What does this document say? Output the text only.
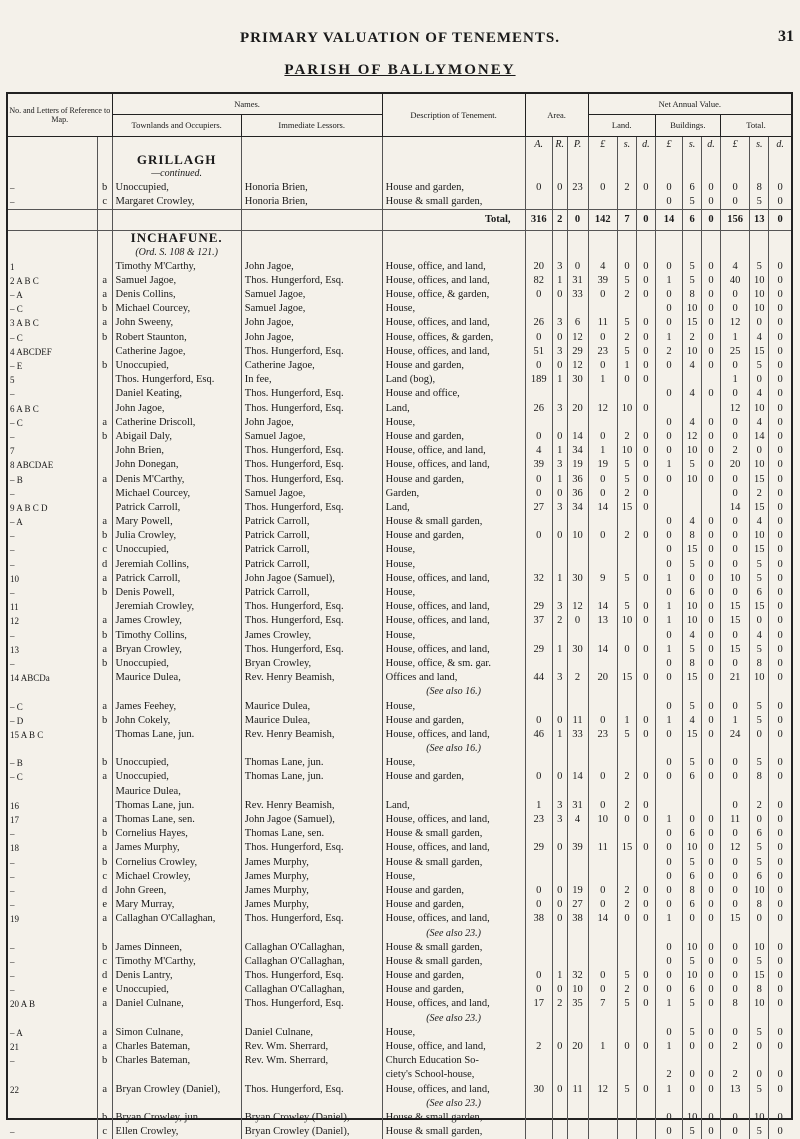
PRIMARY VALUATION OF TENEMENTS.	31
PARISH OF BALLYMONEY
No. and Letters of Reference to Map.		Names.		Description of Tenement.	Area.			Net Annual Value.								
		Townlands and Occupiers.	Immediate Lessors.					Land.			Buildings.			Total.		
					A.	R.	P.	£	s.	d.	£	s.	d.	£	s.	d.
		GRILLAGH														
		—continued.														
–	b	Unoccupied,	Honoria Brien,	House and garden,	0	0	23	0	2	0	0	6	0	0	8	0
–	c	Margaret Crowley,	Honoria Brien,	House & small garden,							0	5	0	0	5	0
				Total,	316	2	0	142	7	0	14	6	0	156	13	0
		INCHAFUNE.														
		(Ord. S. 108 & 121.)														
1		Timothy M'Carthy,	John Jagoe,	House, office, and land,	20	3	0	4	0	0	0	5	0	4	5	0
2 A B C	a	Samuel Jagoe,	Thos. Hungerford, Esq.	House, offices, and land,	82	1	31	39	5	0	1	5	0	40	10	0
– A	a	Denis Collins,	Samuel Jagoe,	House, office, & garden,	0	0	33	0	2	0	0	8	0	0	10	0
– C	b	Michael Courcey,	Samuel Jagoe,	House,							0	10	0	0	10	0
3 A B C	a	John Sweeny,	John Jagoe,	House, offices, and land,	26	3	6	11	5	0	0	15	0	12	0	0
– C	b	Robert Staunton,	John Jagoe,	House, offices, & garden,	0	0	12	0	2	0	1	2	0	1	4	0
4 ABCDEF		Catherine Jagoe,	Thos. Hungerford, Esq.	House, offices, and land,	51	3	29	23	5	0	2	10	0	25	15	0
– E	b	Unoccupied,	Catherine Jagoe,	House and garden,	0	0	12	0	1	0	0	4	0	0	5	0
5		Thos. Hungerford, Esq.	In fee,	Land (bog),	189	1	30	1	0	0				1	0	0
–		Daniel Keating,	Thos. Hungerford, Esq.	House and office,							0	4	0	0	4	0
6 A B C		John Jagoe,	Thos. Hungerford, Esq.	Land,	26	3	20	12	10	0				12	10	0
– C	a	Catherine Driscoll,	John Jagoe,	House,							0	4	0	0	4	0
–	b	Abigail Daly,	Samuel Jagoe,	House and garden,	0	0	14	0	2	0	0	12	0	0	14	0
7		John Brien,	Thos. Hungerford, Esq.	House, office, and land,	4	1	34	1	10	0	0	10	0	2	0	0
8 ABCDAE		John Donegan,	Thos. Hungerford, Esq.	House, offices, and land,	39	3	19	19	5	0	1	5	0	20	10	0
– B	a	Denis M'Carthy,	Thos. Hungerford, Esq.	House and garden,	0	1	36	0	5	0	0	10	0	0	15	0
–		Michael Courcey,	Samuel Jagoe,	Garden,	0	0	36	0	2	0				0	2	0
9 A B C D		Patrick Carroll,	Thos. Hungerford, Esq.	Land,	27	3	34	14	15	0				14	15	0
– A	a	Mary Powell,	Patrick Carroll,	House & small garden,							0	4	0	0	4	0
–	b	Julia Crowley,	Patrick Carroll,	House and garden,	0	0	10	0	2	0	0	8	0	0	10	0
–	c	Unoccupied,	Patrick Carroll,	House,							0	15	0	0	15	0
–	d	Jeremiah Collins,	Patrick Carroll,	House,							0	5	0	0	5	0
10	a	Patrick Carroll,	John Jagoe (Samuel),	House, offices, and land,	32	1	30	9	5	0	1	0	0	10	5	0
–	b	Denis Powell,	Patrick Carroll,	House,							0	6	0	0	6	0
11		Jeremiah Crowley,	Thos. Hungerford, Esq.	House, offices, and land,	29	3	12	14	5	0	1	10	0	15	15	0
12	a	James Crowley,	Thos. Hungerford, Esq.	House, offices, and land,	37	2	0	13	10	0	1	10	0	15	0	0
–	b	Timothy Collins,	James Crowley,	House,							0	4	0	0	4	0
13	a	Bryan Crowley,	Thos. Hungerford, Esq.	House, offices, and land,	29	1	30	14	0	0	1	5	0	15	5	0
–	b	Unoccupied,	Bryan Crowley,	House, office, & sm. gar.							0	8	0	0	8	0
14 ABCDa		Maurice Dulea,	Rev. Henry Beamish,	Offices and land,	44	3	2	20	15	0	0	15	0	21	10	0
				(See also 16.)												
– C	a	James Feehey,	Maurice Dulea,	House,							0	5	0	0	5	0
– D	b	John Cokely,	Maurice Dulea,	House and garden,	0	0	11	0	1	0	1	4	0	1	5	0
15 A B C		Thomas Lane, jun.	Rev. Henry Beamish,	House, offices, and land,	46	1	33	23	5	0	0	15	0	24	0	0
				(See also 16.)												
– B	b	Unoccupied,	Thomas Lane, jun.	House,							0	5	0	0	5	0
– C	a	Unoccupied,	Thomas Lane, jun.	House and garden,	0	0	14	0	2	0	0	6	0	0	8	0
		Maurice Dulea,														
16		Thomas Lane, jun.	Rev. Henry Beamish,	Land,	1	3	31	0	2	0				0	2	0
17	a	Thomas Lane, sen.	John Jagoe (Samuel),	House, offices, and land,	23	3	4	10	0	0	1	0	0	11	0	0
–	b	Cornelius Hayes,	Thomas Lane, sen.	House & small garden,							0	6	0	0	6	0
18	a	James Murphy,	Thos. Hungerford, Esq.	House, offices, and land,	29	0	39	11	15	0	0	10	0	12	5	0
–	b	Cornelius Crowley,	James Murphy,	House & small garden,							0	5	0	0	5	0
–	c	Michael Crowley,	James Murphy,	House,							0	6	0	0	6	0
–	d	John Green,	James Murphy,	House and garden,	0	0	19	0	2	0	0	8	0	0	10	0
–	e	Mary Murray,	James Murphy,	House and garden,	0	0	27	0	2	0	0	6	0	0	8	0
19	a	Callaghan O'Callaghan,	Thos. Hungerford, Esq.	House, offices, and land,	38	0	38	14	0	0	1	0	0	15	0	0
				(See also 23.)												
–	b	James Dinneen,	Callaghan O'Callaghan,	House & small garden,							0	10	0	0	10	0
–	c	Timothy M'Carthy,	Callaghan O'Callaghan,	House & small garden,							0	5	0	0	5	0
–	d	Denis Lantry,	Thos. Hungerford, Esq.	House and garden,	0	1	32	0	5	0	0	10	0	0	15	0
–	e	Unoccupied,	Callaghan O'Callaghan,	House and garden,	0	0	10	0	2	0	0	6	0	0	8	0
20 A B	a	Daniel Culnane,	Thos. Hungerford, Esq.	House, offices, and land,	17	2	35	7	5	0	1	5	0	8	10	0
				(See also 23.)												
– A	a	Simon Culnane,	Daniel Culnane,	House,							0	5	0	0	5	0
21	a	Charles Bateman,	Rev. Wm. Sherrard,	House, office, and land,	2	0	20	1	0	0	1	0	0	2	0	0
–	b	Charles Bateman,	Rev. Wm. Sherrard,	Church Education So-												
				ciety's School-house,							2	0	0	2	0	0
22	a	Bryan Crowley (Daniel),	Thos. Hungerford, Esq.	House, offices, and land,	30	0	11	12	5	0	1	0	0	13	5	0
				(See also 23.)												
–	b	Bryan Crowley, jun.	Bryan Crowley (Daniel),	House & small garden,							0	10	0	0	10	0
–	c	Ellen Crowley,	Bryan Crowley (Daniel),	House & small garden,							0	5	0	0	5	0
